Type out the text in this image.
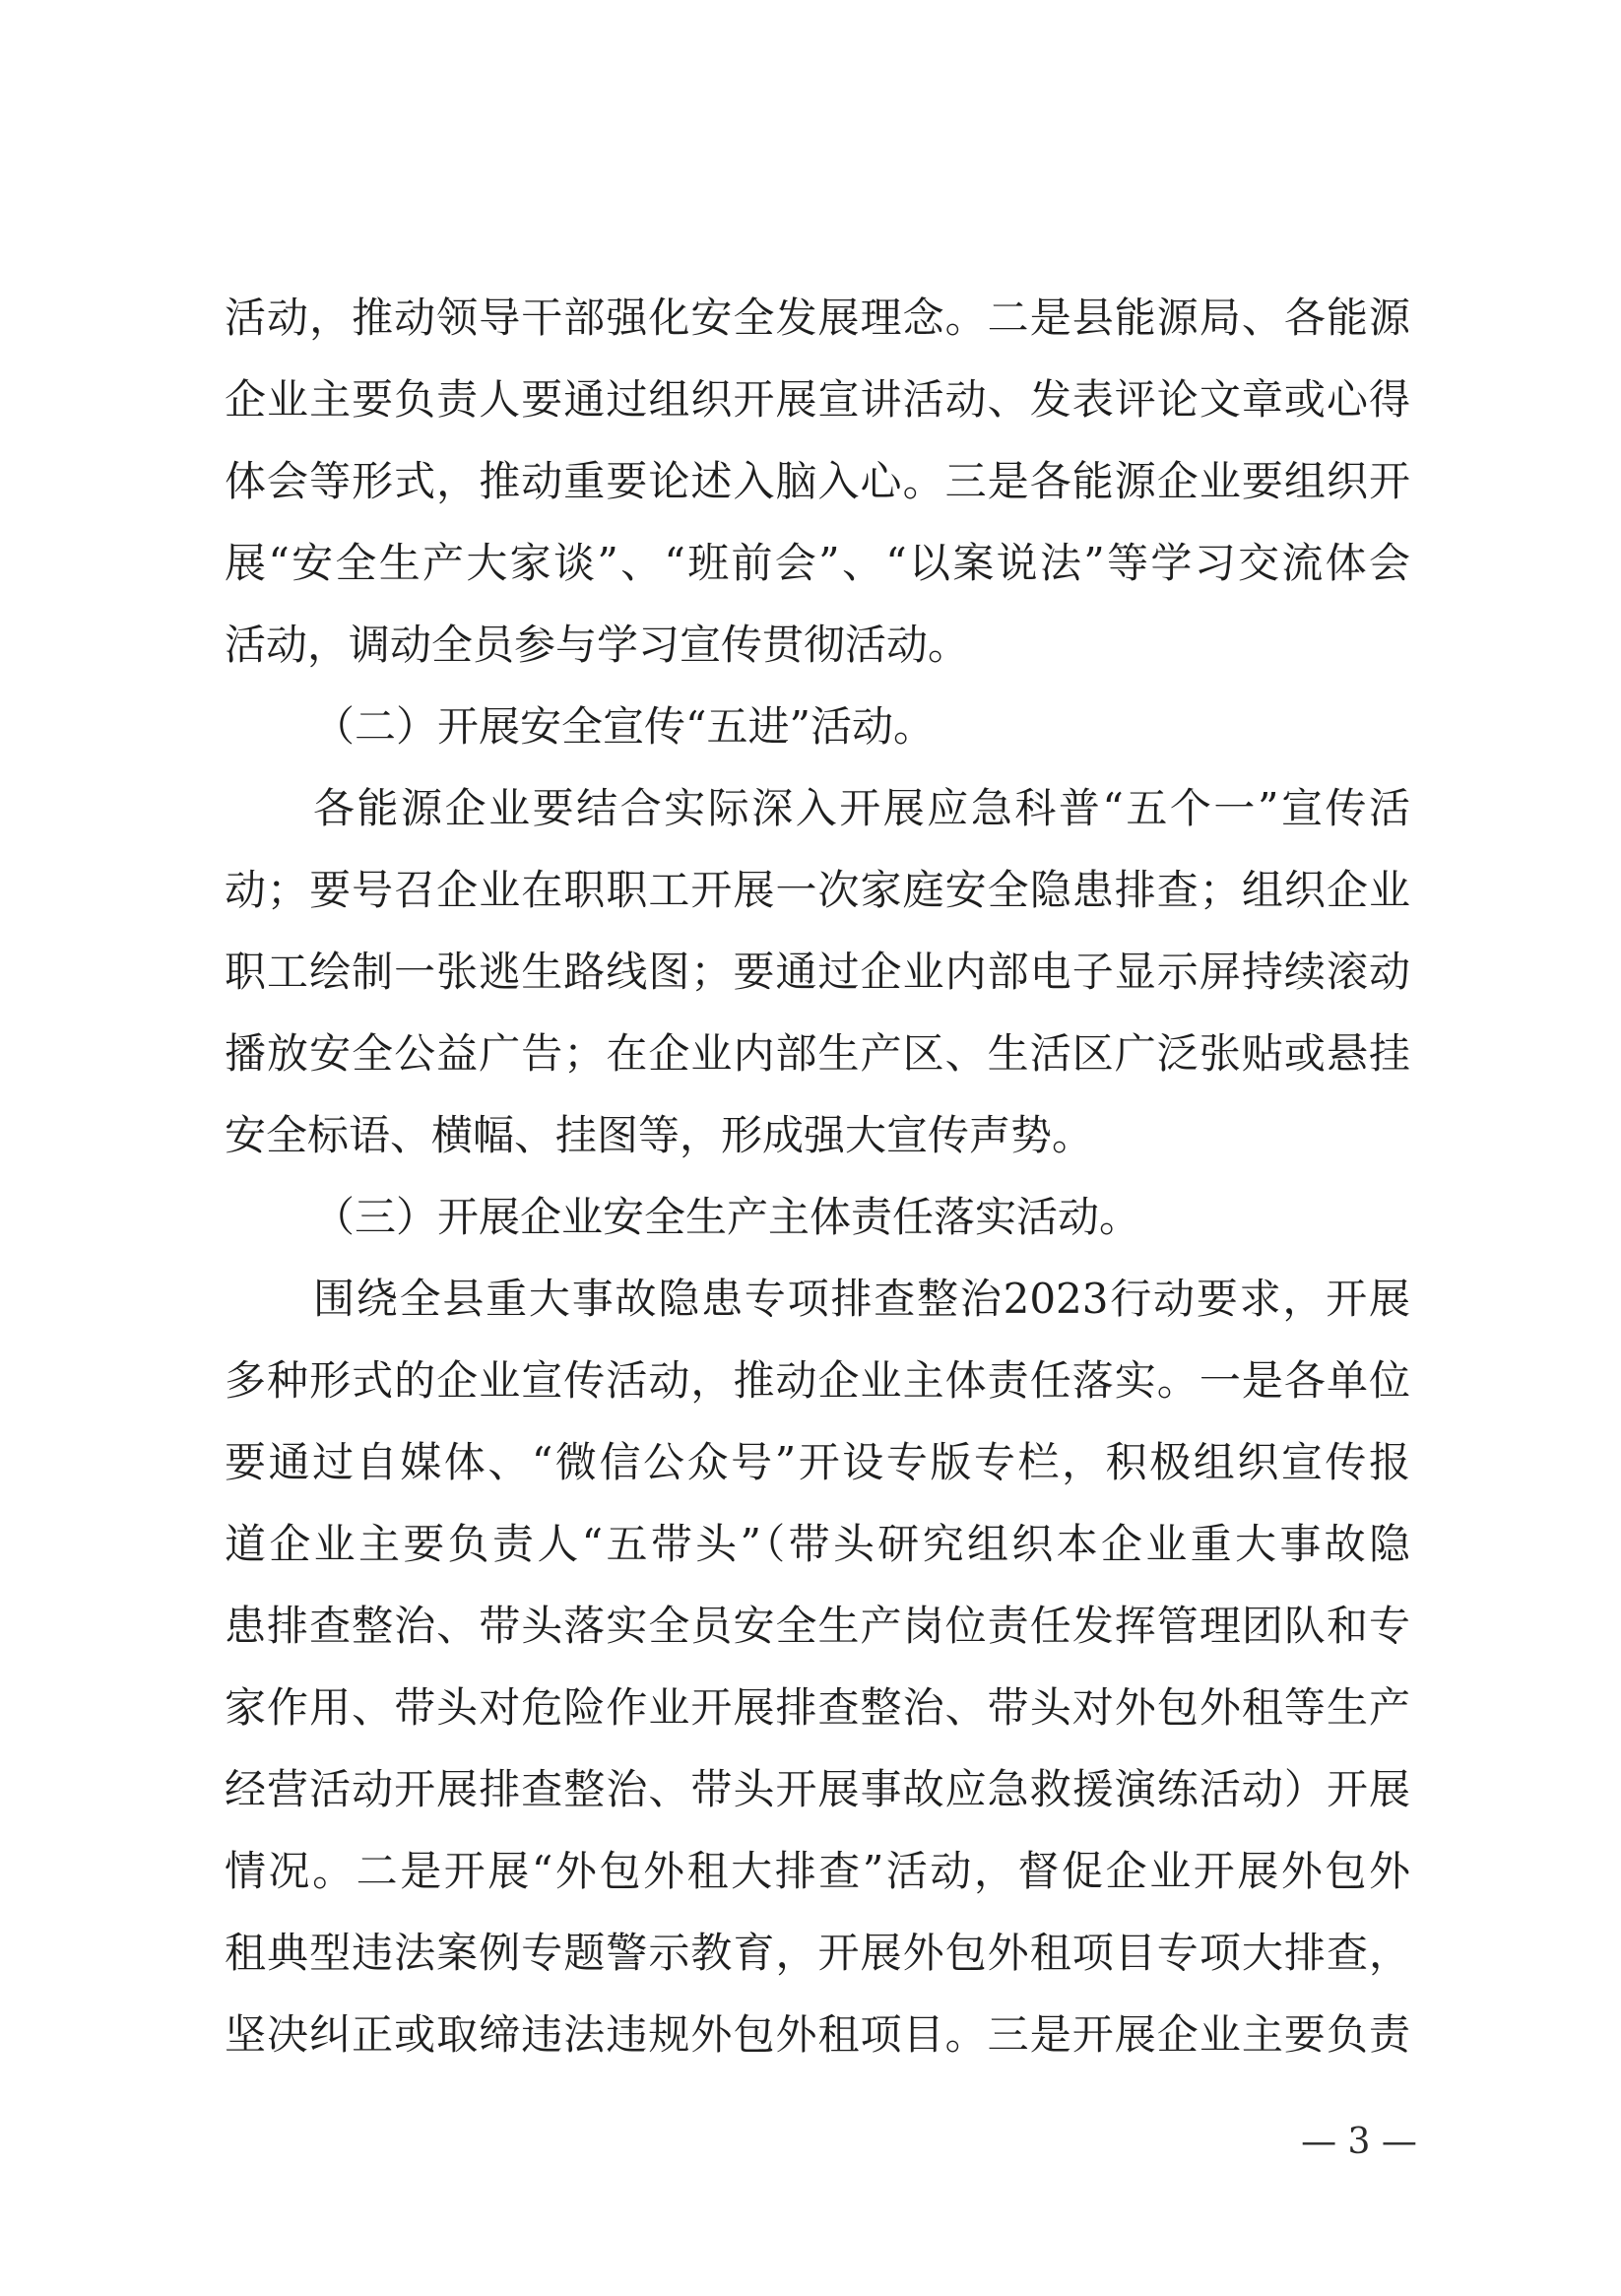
活动，推动领导干部强化安全发展理念。二是县能源局、各能源
企业主要负责人要通过组织开展宣讲活动、发表评论文章或心得
体会等形式，推动重要论述入脑入心。三是各能源企业要组织开
展“安全生产大家谈”、“班前会”、“以案说法”等学习交流体会
活动，调动全员参与学习宣传贯彻活动。
（二）开展安全宣传“五进”活动。
各能源企业要结合实际深入开展应急科普“五个一”宣传活
动；要号召企业在职职工开展一次家庭安全隐患排查；组织企业
职工绘制一张逃生路线图；要通过企业内部电子显示屏持续滚动
播放安全公益广告；在企业内部生产区、生活区广泛张贴或悬挂
安全标语、横幅、挂图等，形成强大宣传声势。
（三）开展企业安全生产主体责任落实活动。
围绕全县重大事故隐患专项排查整治2023行动要求，开展
多种形式的企业宣传活动，推动企业主体责任落实。一是各单位
要通过自媒体、“微信公众号”开设专版专栏，积极组织宣传报
道企业主要负责人“五带头”（带头研究组织本企业重大事故隐
患排查整治、带头落实全员安全生产岗位责任发挥管理团队和专
家作用、带头对危险作业开展排查整治、带头对外包外租等生产
经营活动开展排查整治、带头开展事故应急救援演练活动）开展
情况。二是开展“外包外租大排查”活动，督促企业开展外包外
租典型违法案例专题警示教育，开展外包外租项目专项大排查，
坚决纠正或取缔违法违规外包外租项目。三是开展企业主要负责
— 3 —
